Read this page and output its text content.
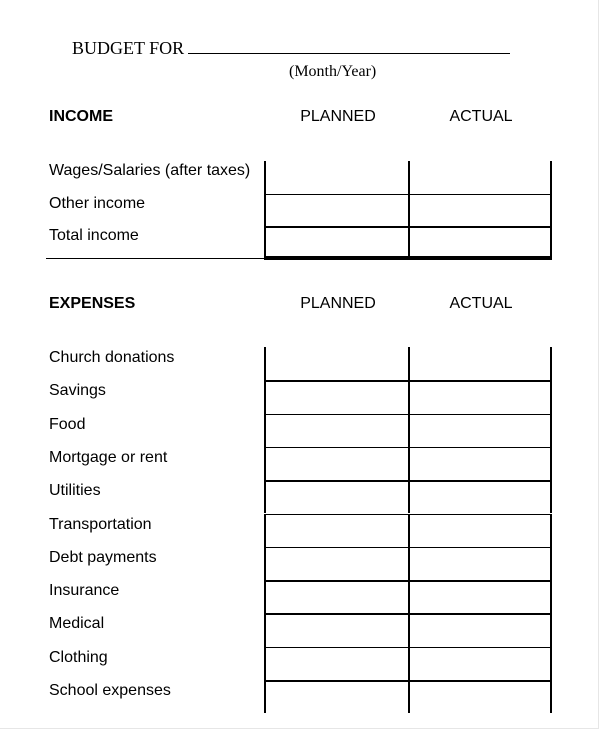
BUDGET FOR
(Month/Year)
INCOME	PLANNED	ACTUAL
Wages/Salaries (after taxes)
Other income
Total income
EXPENSES	PLANNED	ACTUAL
Church donations
Savings
Food
Mortgage or rent
Utilities
Transportation
Debt payments
Insurance
Medical
Clothing
School expenses
